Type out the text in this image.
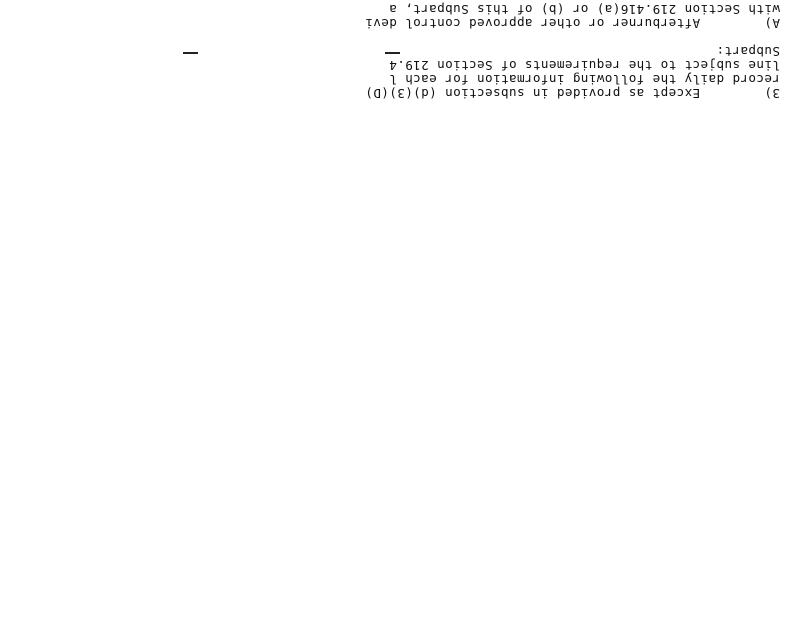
3)        Except as provided in subsection (d)(3)(D)
record daily the following information for each l
line subject to the requirements of Section 219.4
Subpart:
A)        Afterburner or other approved control devi
with Section 219.416(a) or (b) of this Subpart, a
